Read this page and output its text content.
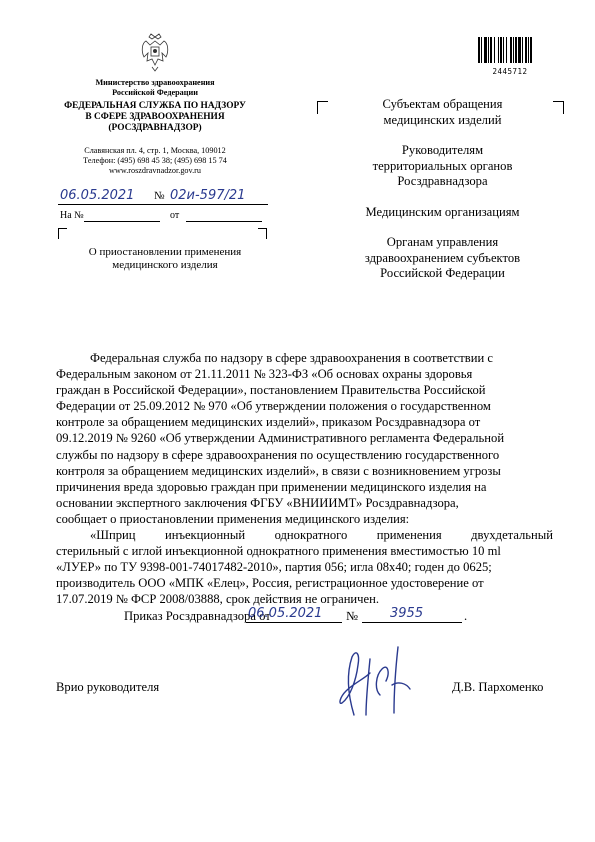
Министерство здравоохранения
Российской Федерации
ФЕДЕРАЛЬНАЯ СЛУЖБА ПО НАДЗОРУ
В СФЕРЕ ЗДРАВООХРАНЕНИЯ
(РОСЗДРАВНАДЗОР)

Славянская пл. 4, стр. 1, Москва, 109012

Телефон: (495) 698 45 38; (495) 698 15 74

www.roszdravnadzor.gov.ru

06.05.2021 № 02и-597/21
На №	от
О приостановлении применения
медицинского изделия
2445712

Субъектам обращения

медицинских изделий

Руководителям

территориальных органов

Росздравнадзора

Медицинским организациям

Органам управления

здравоохранением субъектов

Российской Федерации

Федеральная служба по надзору в сфере здравоохранения в соответствии с

Федеральным законом от 21.11.2011 № 323-ФЗ «Об основах охраны здоровья

граждан в Российской Федерации», постановлением Правительства Российской

Федерации от 25.09.2012 № 970 «Об утверждении положения о государственном

контроле за обращением медицинских изделий», приказом Росздравнадзора от

09.12.2019 № 9260 «Об утверждении Административного регламента Федеральной

службы по надзору в сфере здравоохранения по осуществлению государственного

контроля за обращением медицинских изделий», в связи с возникновением угрозы

причинения вреда здоровью граждан при применении медицинского изделия на

основании экспертного заключения ФГБУ «ВНИИИМТ» Росздравнадзора,

сообщает о приостановлении применения медицинского изделия:

«Шприц инъекционный однократного применения двухдетальный

стерильный с иглой инъекционной однократного применения вместимостью 10 ml

«ЛУЕР» по ТУ 9398-001-74017482-2010», партия 056; игла 08x40; годен до 0625;

производитель ООО «МПК «Елец», Россия, регистрационное удостоверение от

17.07.2019 № ФСР 2008/03888, срок действия не ограничен.

Приказ Росздравнадзора от
06.05.2021 № 3955	.
Врио руководителя	Д.В. Пархоменко
